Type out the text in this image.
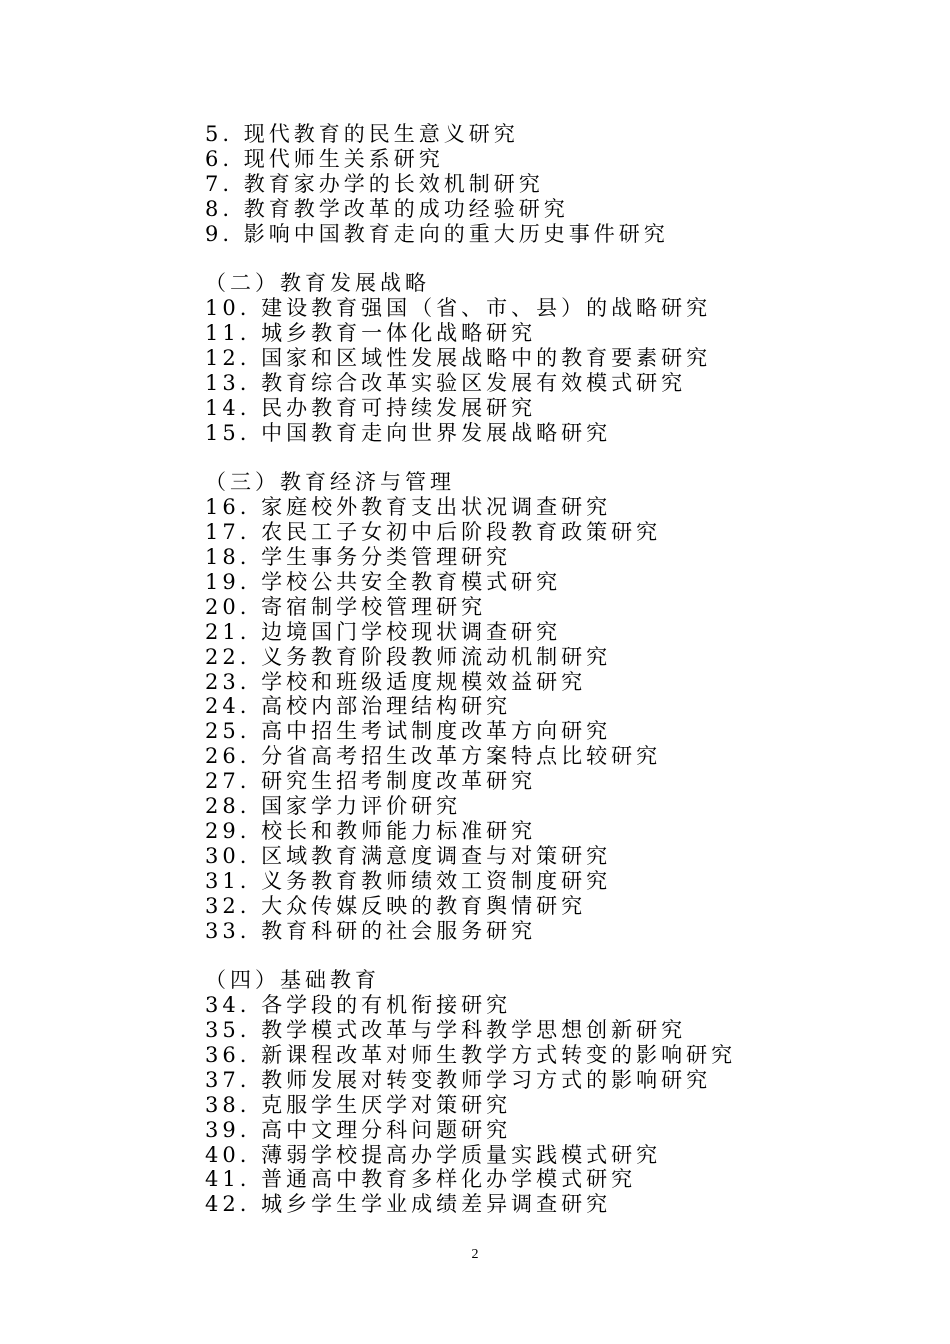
5. 现代教育的民生意义研究
6. 现代师生关系研究
7. 教育家办学的长效机制研究
8. 教育教学改革的成功经验研究
9. 影响中国教育走向的重大历史事件研究
（二）教育发展战略
10. 建设教育强国（省、市、县）的战略研究
11. 城乡教育一体化战略研究
12. 国家和区域性发展战略中的教育要素研究
13. 教育综合改革实验区发展有效模式研究
14. 民办教育可持续发展研究
15. 中国教育走向世界发展战略研究
（三）教育经济与管理
16. 家庭校外教育支出状况调查研究
17. 农民工子女初中后阶段教育政策研究
18. 学生事务分类管理研究
19. 学校公共安全教育模式研究
20. 寄宿制学校管理研究
21. 边境国门学校现状调查研究
22. 义务教育阶段教师流动机制研究
23. 学校和班级适度规模效益研究
24. 高校内部治理结构研究
25. 高中招生考试制度改革方向研究
26. 分省高考招生改革方案特点比较研究
27. 研究生招考制度改革研究
28. 国家学力评价研究
29. 校长和教师能力标准研究
30. 区域教育满意度调查与对策研究
31. 义务教育教师绩效工资制度研究
32. 大众传媒反映的教育舆情研究
33. 教育科研的社会服务研究
（四）基础教育
34. 各学段的有机衔接研究
35. 教学模式改革与学科教学思想创新研究
36. 新课程改革对师生教学方式转变的影响研究
37. 教师发展对转变教师学习方式的影响研究
38. 克服学生厌学对策研究
39. 高中文理分科问题研究
40. 薄弱学校提高办学质量实践模式研究
41. 普通高中教育多样化办学模式研究
42. 城乡学生学业成绩差异调查研究
2
